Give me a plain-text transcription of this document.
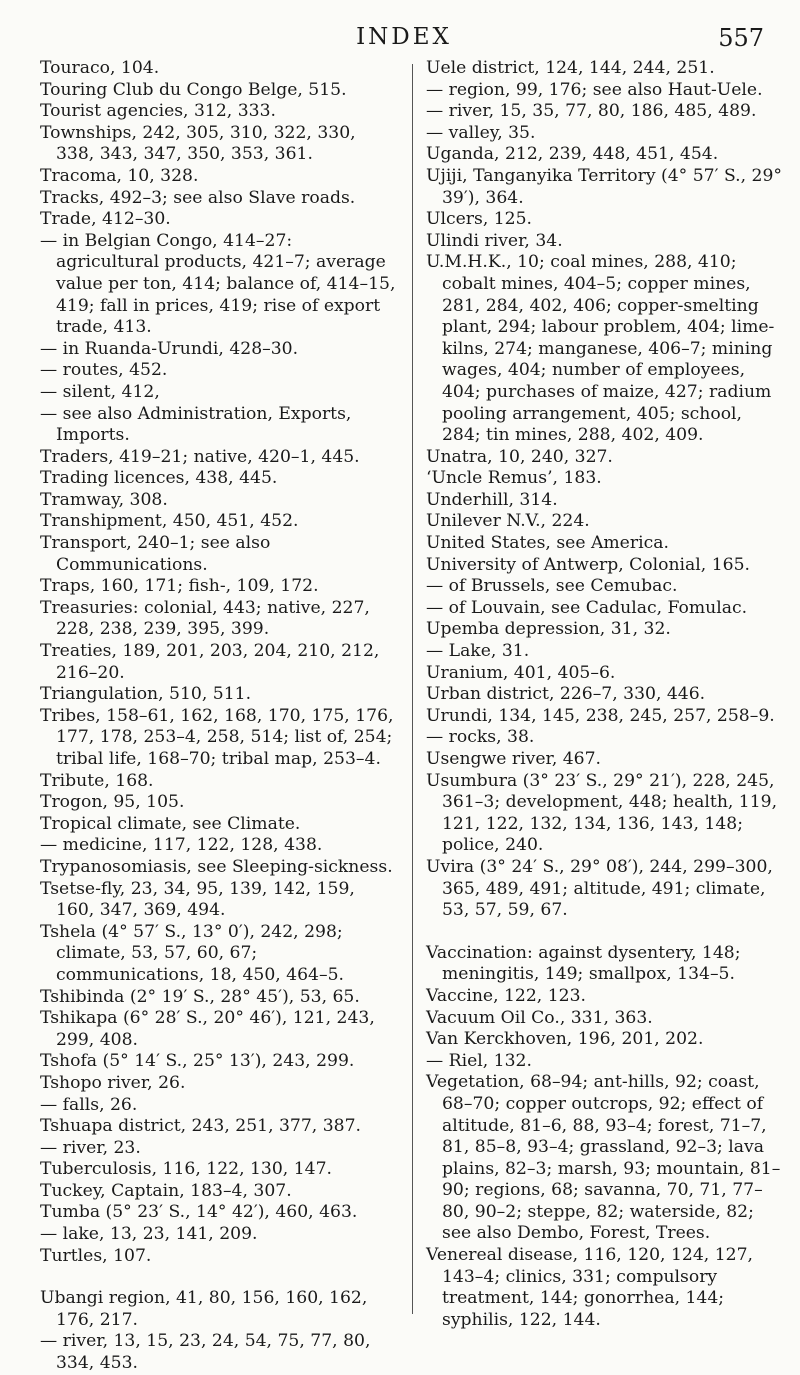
INDEX	557

Touraco, 104.

Touring Club du Congo Belge, 515.

Tourist agencies, 312, 333.

Townships, 242, 305, 310, 322, 330, 338, 343, 347, 350, 353, 361.

Tracoma, 10, 328.

Tracks, 492–3; see also Slave roads.

Trade, 412–30.

— in Belgian Congo, 414–27: agricultural products, 421–7; average value per ton, 414; balance of, 414–15, 419; fall in prices, 419; rise of export trade, 413.

— in Ruanda-Urundi, 428–30.

— routes, 452.

— silent, 412,

— see also Administration, Exports, Imports.

Traders, 419–21; native, 420–1, 445.

Trading licences, 438, 445.

Tramway, 308.

Transhipment, 450, 451, 452.

Transport, 240–1; see also Communications.

Traps, 160, 171; fish-, 109, 172.

Treasuries: colonial, 443; native, 227, 228, 238, 239, 395, 399.

Treaties, 189, 201, 203, 204, 210, 212, 216–20.

Triangulation, 510, 511.

Tribes, 158–61, 162, 168, 170, 175, 176, 177, 178, 253–4, 258, 514; list of, 254; tribal life, 168–70; tribal map, 253–4.

Tribute, 168.

Trogon, 95, 105.

Tropical climate, see Climate.

— medicine, 117, 122, 128, 438.

Trypanosomiasis, see Sleeping-sickness.

Tsetse-fly, 23, 34, 95, 139, 142, 159, 160, 347, 369, 494.

Tshela (4° 57′ S., 13° 0′), 242, 298; climate, 53, 57, 60, 67; communications, 18, 450, 464–5.

Tshibinda (2° 19′ S., 28° 45′), 53, 65.

Tshikapa (6° 28′ S., 20° 46′), 121, 243, 299, 408.

Tshofa (5° 14′ S., 25° 13′), 243, 299.

Tshopo river, 26.

— falls, 26.

Tshuapa district, 243, 251, 377, 387.

— river, 23.

Tuberculosis, 116, 122, 130, 147.

Tuckey, Captain, 183–4, 307.

Tumba (5° 23′ S., 14° 42′), 460, 463.

— lake, 13, 23, 141, 209.

Turtles, 107.

Ubangi region, 41, 80, 156, 160, 162, 176, 217.

— river, 13, 15, 23, 24, 54, 75, 77, 80, 334, 453.

Uele district, 124, 144, 244, 251.

— region, 99, 176; see also Haut-Uele.

— river, 15, 35, 77, 80, 186, 485, 489.

— valley, 35.

Uganda, 212, 239, 448, 451, 454.

Ujiji, Tanganyika Territory (4° 57′ S., 29° 39′), 364.

Ulcers, 125.

Ulindi river, 34.

U.M.H.K., 10; coal mines, 288, 410; cobalt mines, 404–5; copper mines, 281, 284, 402, 406; copper-smelting plant, 294; labour problem, 404; lime-kilns, 274; manganese, 406–7; mining wages, 404; number of employees, 404; purchases of maize, 427; radium pooling arrangement, 405; school, 284; tin mines, 288, 402, 409.

Unatra, 10, 240, 327.

‘Uncle Remus’, 183.

Underhill, 314.

Unilever N.V., 224.

United States, see America.

University of Antwerp, Colonial, 165.

— of Brussels, see Cemubac.

— of Louvain, see Cadulac, Fomulac.

Upemba depression, 31, 32.

— Lake, 31.

Uranium, 401, 405–6.

Urban district, 226–7, 330, 446.

Urundi, 134, 145, 238, 245, 257, 258–9.

— rocks, 38.

Usengwe river, 467.

Usumbura (3° 23′ S., 29° 21′), 228, 245, 361–3; development, 448; health, 119, 121, 122, 132, 134, 136, 143, 148; police, 240.

Uvira (3° 24′ S., 29° 08′), 244, 299–300, 365, 489, 491; altitude, 491; climate, 53, 57, 59, 67.

Vaccination: against dysentery, 148; meningitis, 149; smallpox, 134–5.

Vaccine, 122, 123.

Vacuum Oil Co., 331, 363.

Van Kerckhoven, 196, 201, 202.

— Riel, 132.

Vegetation, 68–94; ant-hills, 92; coast, 68–70; copper outcrops, 92; effect of altitude, 81–6, 88, 93–4; forest, 71–7, 81, 85–8, 93–4; grassland, 92–3; lava plains, 82–3; marsh, 93; mountain, 81–90; regions, 68; savanna, 70, 71, 77–80, 90–2; steppe, 82; waterside, 82; see also Dembo, Forest, Trees.

Venereal disease, 116, 120, 124, 127, 143–4; clinics, 331; compulsory treatment, 144; gonorrhea, 144; syphilis, 122, 144.
